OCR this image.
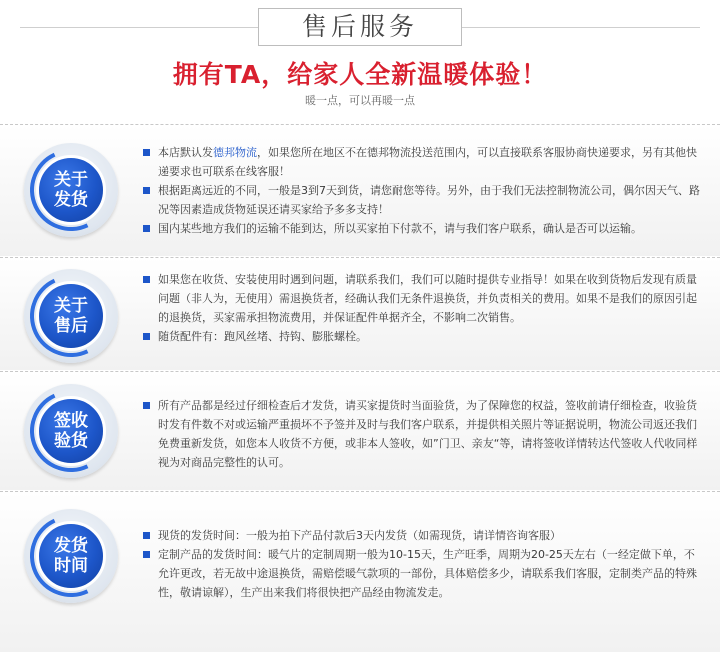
售后服务
拥有TA，给家人全新温暖体验！
暖一点，可以再暖一点
关于
发货

本店默认发德邦物流，如果您所在地区不在德邦物流投送范围内，可以直接联系客服协商快递要求，另有其他快递要求也可联系在线客服！

根据距离远近的不同，一般是3到7天到货，请您耐您等待。另外，由于我们无法控制物流公司，偶尔因天气、路况等因素造成货物延误还请买家给予多多支持！

国内某些地方我们的运输不能到达，所以买家拍下付款不，请与我们客户联系，确认是否可以运输。

关于
售后

如果您在收货、安装使用时遇到问题，请联系我们，我们可以随时提供专业指导！如果在收到货物后发现有质量问题（非人为，无使用）需退换货者，经确认我们无条件退换货，并负责相关的费用。如果不是我们的原因引起的退换货，买家需承担物流费用，并保证配件单据齐全，不影响二次销售。

随货配件有：跑风丝堵、持钩、膨胀螺栓。

签收
验货

所有产品都是经过仔细检查后才发货，请买家提货时当面验货，为了保障您的权益，签收前请仔细检查，收验货时发有件数不对或运输严重损坏不予签并及时与我们客户联系，并提供相关照片等证据说明，物流公司返还我们免费重新发货，如您本人收货不方便，或非本人签收，如”门卫、亲友“等，请将签收详情转达代签收人代收同样视为对商品完整性的认可。

发货
时间

现货的发货时间：一般为拍下产品付款后3天内发货（如需现货，请详情咨询客服）

定制产品的发货时间：暖气片的定制周期一般为10-15天，生产旺季，周期为20-25天左右（一经定做下单，不允许更改，若无故中途退换货，需赔偿暖气款项的一部份，具体赔偿多少，请联系我们客服，定制类产品的特殊性，敬请谅解），生产出来我们将很快把产品经由物流发走。
